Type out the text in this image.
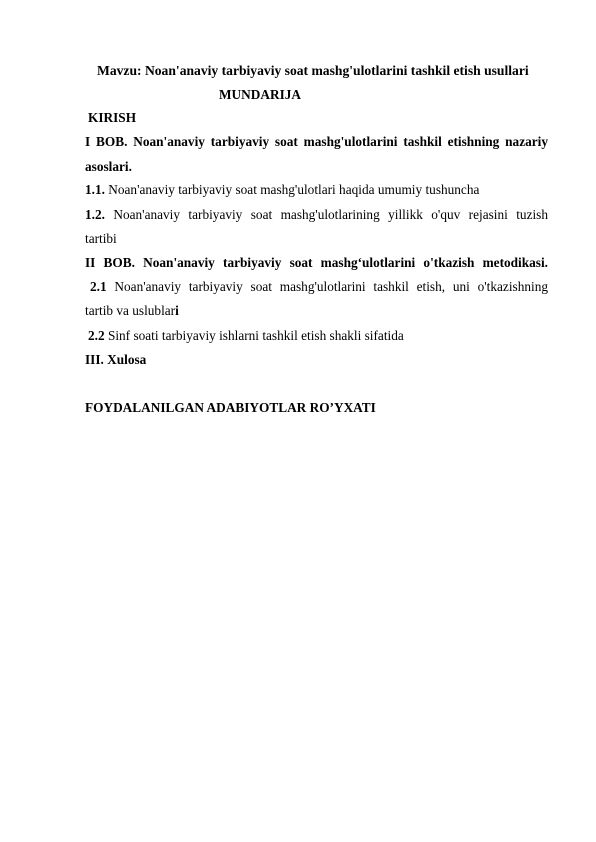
Mavzu: Noan'anaviy tarbiyaviy soat mashg'ulotlarini tashkil etish usullari
MUNDARIJA
KIRISH
I BOB. Noan'anaviy tarbiyaviy soat mashg'ulotlarini tashkil etishning nazariy
asoslari.
1.1. Noan'anaviy tarbiyaviy soat mashg'ulotlari haqida umumiy tushuncha
1.2. Noan'anaviy tarbiyaviy soat mashg'ulotlarining yillikk o'quv rejasini tuzish
tartibi
II BOB. Noan'anaviy tarbiyaviy soat mashg‘ulotlarini o'tkazish metodikasi.
2.1 Noan'anaviy tarbiyaviy soat mashg'ulotlarini tashkil etish, uni o'tkazishning
tartib va uslublari
2.2 Sinf soati tarbiyaviy ishlarni tashkil etish shakli sifatida
III. Xulosa
FOYDALANILGAN ADABIYOTLAR RO’YXATI
